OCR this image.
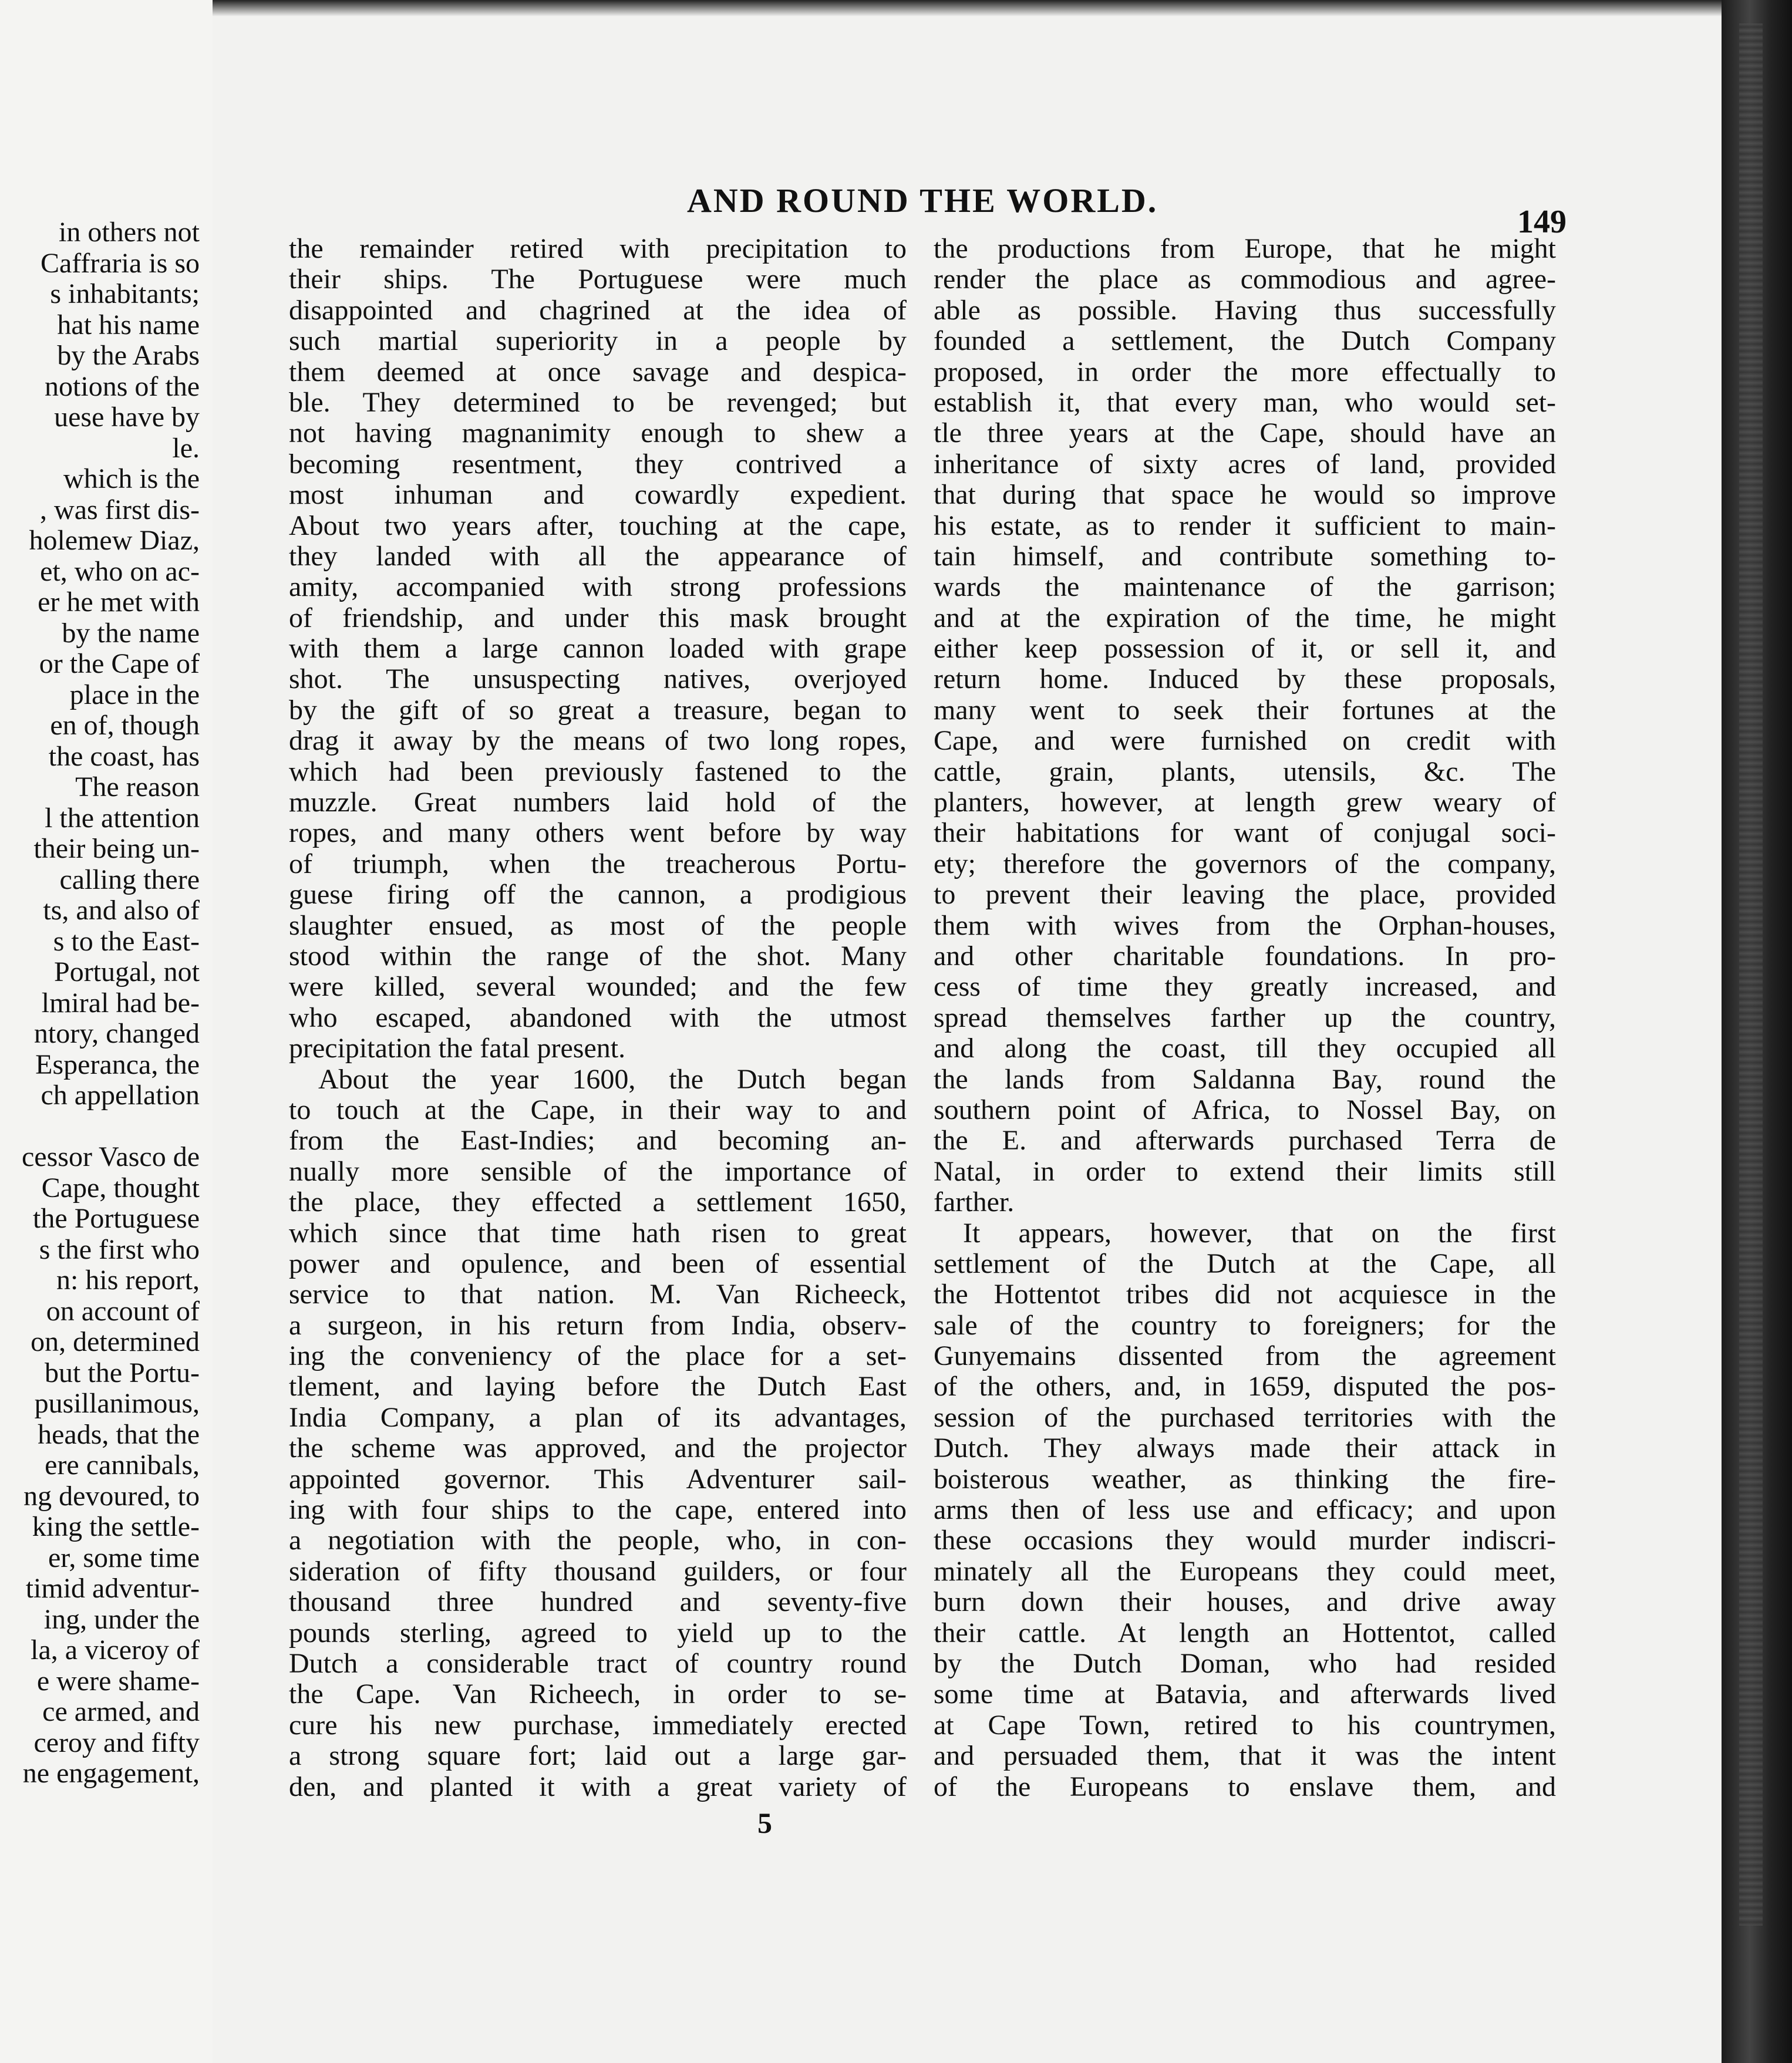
in others not
Caffraria is so
s inhabitants;
hat his name
by the Arabs
notions of the
uese have by
le.
which is the
, was first dis-
holemew Diaz,
et, who on ac-
er he met with
by the name
or the Cape of
place in the
en of, though
the coast, has
The reason
l the attention
their being un-
calling there
ts, and also of
s to the East-
Portugal, not
lmiral had be-
ntory, changed
Esperanca, the
ch appellation
cessor Vasco de
Cape, thought
the Portuguese
s the first who
n: his report,
on account of
on, determined
but the Portu-
pusillanimous,
heads, that the
ere cannibals,
ng devoured, to
king the settle-
er, some time
timid adventur-
ing, under the
la, a viceroy of
e were shame-
ce armed, and
ceroy and fifty
ne engagement,
AND ROUND THE WORLD.
149
the remainder retired with precipitation to
their ships. The Portuguese were much
disappointed and chagrined at the idea of
such martial superiority in a people by
them deemed at once savage and despica-
ble. They determined to be revenged; but
not having magnanimity enough to shew a
becoming resentment, they contrived a
most inhuman and cowardly expedient.
About two years after, touching at the cape,
they landed with all the appearance of
amity, accompanied with strong professions
of friendship, and under this mask brought
with them a large cannon loaded with grape
shot. The unsuspecting natives, overjoyed
by the gift of so great a treasure, began to
drag it away by the means of two long ropes,
which had been previously fastened to the
muzzle. Great numbers laid hold of the
ropes, and many others went before by way
of triumph, when the treacherous Portu-
guese firing off the cannon, a prodigious
slaughter ensued, as most of the people
stood within the range of the shot. Many
were killed, several wounded; and the few
who escaped, abandoned with the utmost
precipitation the fatal present.
About the year 1600, the Dutch began
to touch at the Cape, in their way to and
from the East-Indies; and becoming an-
nually more sensible of the importance of
the place, they effected a settlement 1650,
which since that time hath risen to great
power and opulence, and been of essential
service to that nation. M. Van Richeeck,
a surgeon, in his return from India, observ-
ing the conveniency of the place for a set-
tlement, and laying before the Dutch East
India Company, a plan of its advantages,
the scheme was approved, and the projector
appointed governor. This Adventurer sail-
ing with four ships to the cape, entered into
a negotiation with the people, who, in con-
sideration of fifty thousand guilders, or four
thousand three hundred and seventy-five
pounds sterling, agreed to yield up to the
Dutch a considerable tract of country round
the Cape. Van Richeech, in order to se-
cure his new purchase, immediately erected
a strong square fort; laid out a large gar-
den, and planted it with a great variety of
the productions from Europe, that he might
render the place as commodious and agree-
able as possible. Having thus successfully
founded a settlement, the Dutch Company
proposed, in order the more effectually to
establish it, that every man, who would set-
tle three years at the Cape, should have an
inheritance of sixty acres of land, provided
that during that space he would so improve
his estate, as to render it sufficient to main-
tain himself, and contribute something to-
wards the maintenance of the garrison;
and at the expiration of the time, he might
either keep possession of it, or sell it, and
return home. Induced by these proposals,
many went to seek their fortunes at the
Cape, and were furnished on credit with
cattle, grain, plants, utensils, &c. The
planters, however, at length grew weary of
their habitations for want of conjugal soci-
ety; therefore the governors of the company,
to prevent their leaving the place, provided
them with wives from the Orphan-houses,
and other charitable foundations. In pro-
cess of time they greatly increased, and
spread themselves farther up the country,
and along the coast, till they occupied all
the lands from Saldanna Bay, round the
southern point of Africa, to Nossel Bay, on
the E. and afterwards purchased Terra de
Natal, in order to extend their limits still
farther.
It appears, however, that on the first
settlement of the Dutch at the Cape, all
the Hottentot tribes did not acquiesce in the
sale of the country to foreigners; for the
Gunyemains dissented from the agreement
of the others, and, in 1659, disputed the pos-
session of the purchased territories with the
Dutch. They always made their attack in
boisterous weather, as thinking the fire-
arms then of less use and efficacy; and upon
these occasions they would murder indiscri-
minately all the Europeans they could meet,
burn down their houses, and drive away
their cattle. At length an Hottentot, called
by the Dutch Doman, who had resided
some time at Batavia, and afterwards lived
at Cape Town, retired to his countrymen,
and persuaded them, that it was the intent
of the Europeans to enslave them, and
5
